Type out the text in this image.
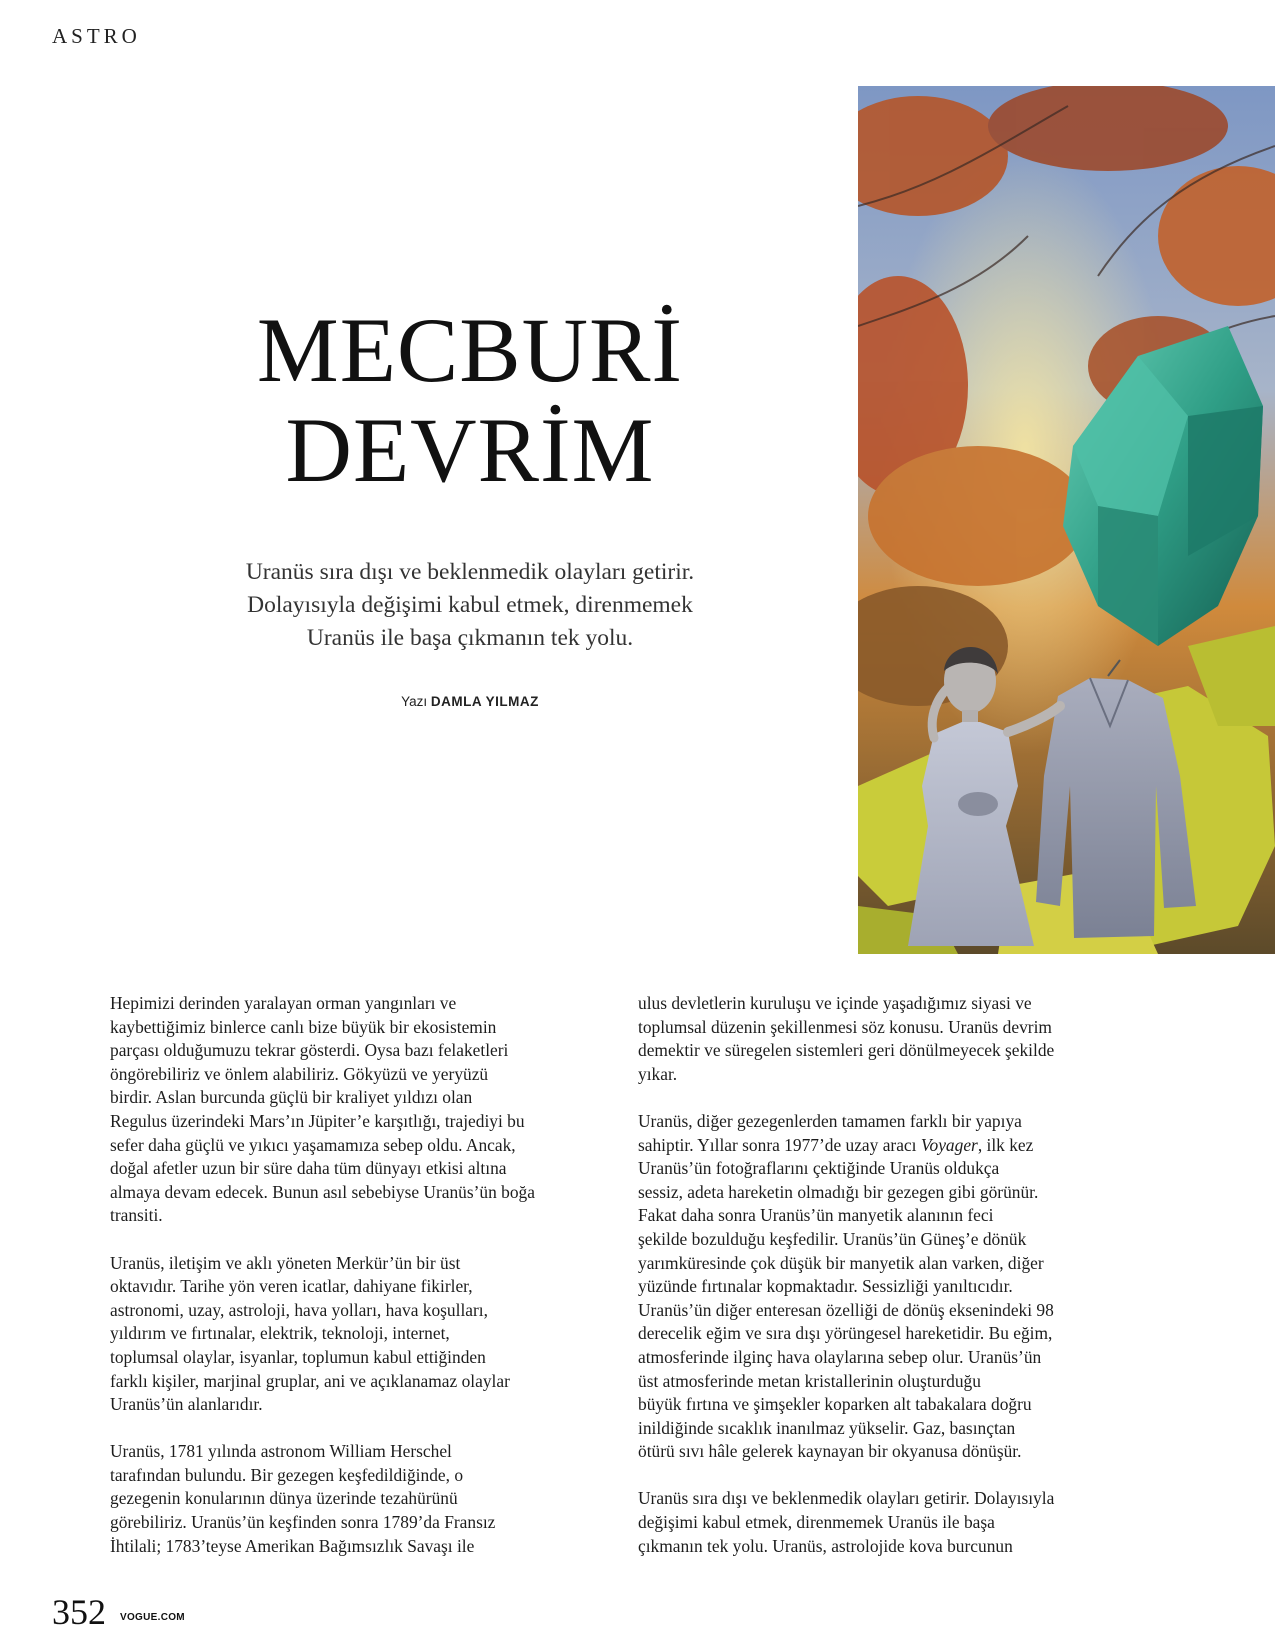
ASTRO
MECBURİ
DEVRİM

Uranüs sıra dışı ve beklenmedik olayları getirir.
Dolayısıyla değişimi kabul etmek, direnmemek
Uranüs ile başa çıkmanın tek yolu.

Yazı DAMLA YILMAZ

Hepimizi derinden yaralayan orman yangınları ve
kaybettiğimiz binlerce canlı bize büyük bir ekosistemin
parçası olduğumuzu tekrar gösterdi. Oysa bazı felaketleri
öngörebiliriz ve önlem alabiliriz. Gökyüzü ve yeryüzü
birdir. Aslan burcunda güçlü bir kraliyet yıldızı olan
Regulus üzerindeki Mars’ın Jüpiter’e karşıtlığı, trajediyi bu
sefer daha güçlü ve yıkıcı yaşamamıza sebep oldu. Ancak,
doğal afetler uzun bir süre daha tüm dünyayı etkisi altına
almaya devam edecek. Bunun asıl sebebiyse Uranüs’ün boğa
transiti.

Uranüs, iletişim ve aklı yöneten Merkür’ün bir üst
oktavıdır. Tarihe yön veren icatlar, dahiyane fikirler,
astronomi, uzay, astroloji, hava yolları, hava koşulları,
yıldırım ve fırtınalar, elektrik, teknoloji, internet,
toplumsal olaylar, isyanlar, toplumun kabul ettiğinden
farklı kişiler, marjinal gruplar, ani ve açıklanamaz olaylar
Uranüs’ün alanlarıdır.

Uranüs, 1781 yılında astronom William Herschel
tarafından bulundu. Bir gezegen keşfedildiğinde, o
gezegenin konularının dünya üzerinde tezahürünü
görebiliriz. Uranüs’ün keşfinden sonra 1789’da Fransız
İhtilali; 1783’teyse Amerikan Bağımsızlık Savaşı ile

ulus devletlerin kuruluşu ve içinde yaşadığımız siyasi ve
toplumsal düzenin şekillenmesi söz konusu. Uranüs devrim
demektir ve süregelen sistemleri geri dönülmeyecek şekilde
yıkar.

Uranüs, diğer gezegenlerden tamamen farklı bir yapıya
sahiptir. Yıllar sonra 1977’de uzay aracı Voyager, ilk kez
Uranüs’ün fotoğraflarını çektiğinde Uranüs oldukça
sessiz, adeta hareketin olmadığı bir gezegen gibi görünür.
Fakat daha sonra Uranüs’ün manyetik alanının feci
şekilde bozulduğu keşfedilir. Uranüs’ün Güneş’e dönük
yarımküresinde çok düşük bir manyetik alan varken, diğer
yüzünde fırtınalar kopmaktadır. Sessizliği yanıltıcıdır.
Uranüs’ün diğer enteresan özelliği de dönüş eksenindeki 98
derecelik eğim ve sıra dışı yörüngesel hareketidir. Bu eğim,
atmosferinde ilginç hava olaylarına sebep olur. Uranüs’ün
üst atmosferinde metan kristallerinin oluşturduğu
büyük fırtına ve şimşekler koparken alt tabakalara doğru
inildiğinde sıcaklık inanılmaz yükselir. Gaz, basınçtan
ötürü sıvı hâle gelerek kaynayan bir okyanusa dönüşür.

Uranüs sıra dışı ve beklenmedik olayları getirir. Dolayısıyla
değişimi kabul etmek, direnmemek Uranüs ile başa
çıkmanın tek yolu. Uranüs, astrolojide kova burcunun

352 VOGUE.COM
